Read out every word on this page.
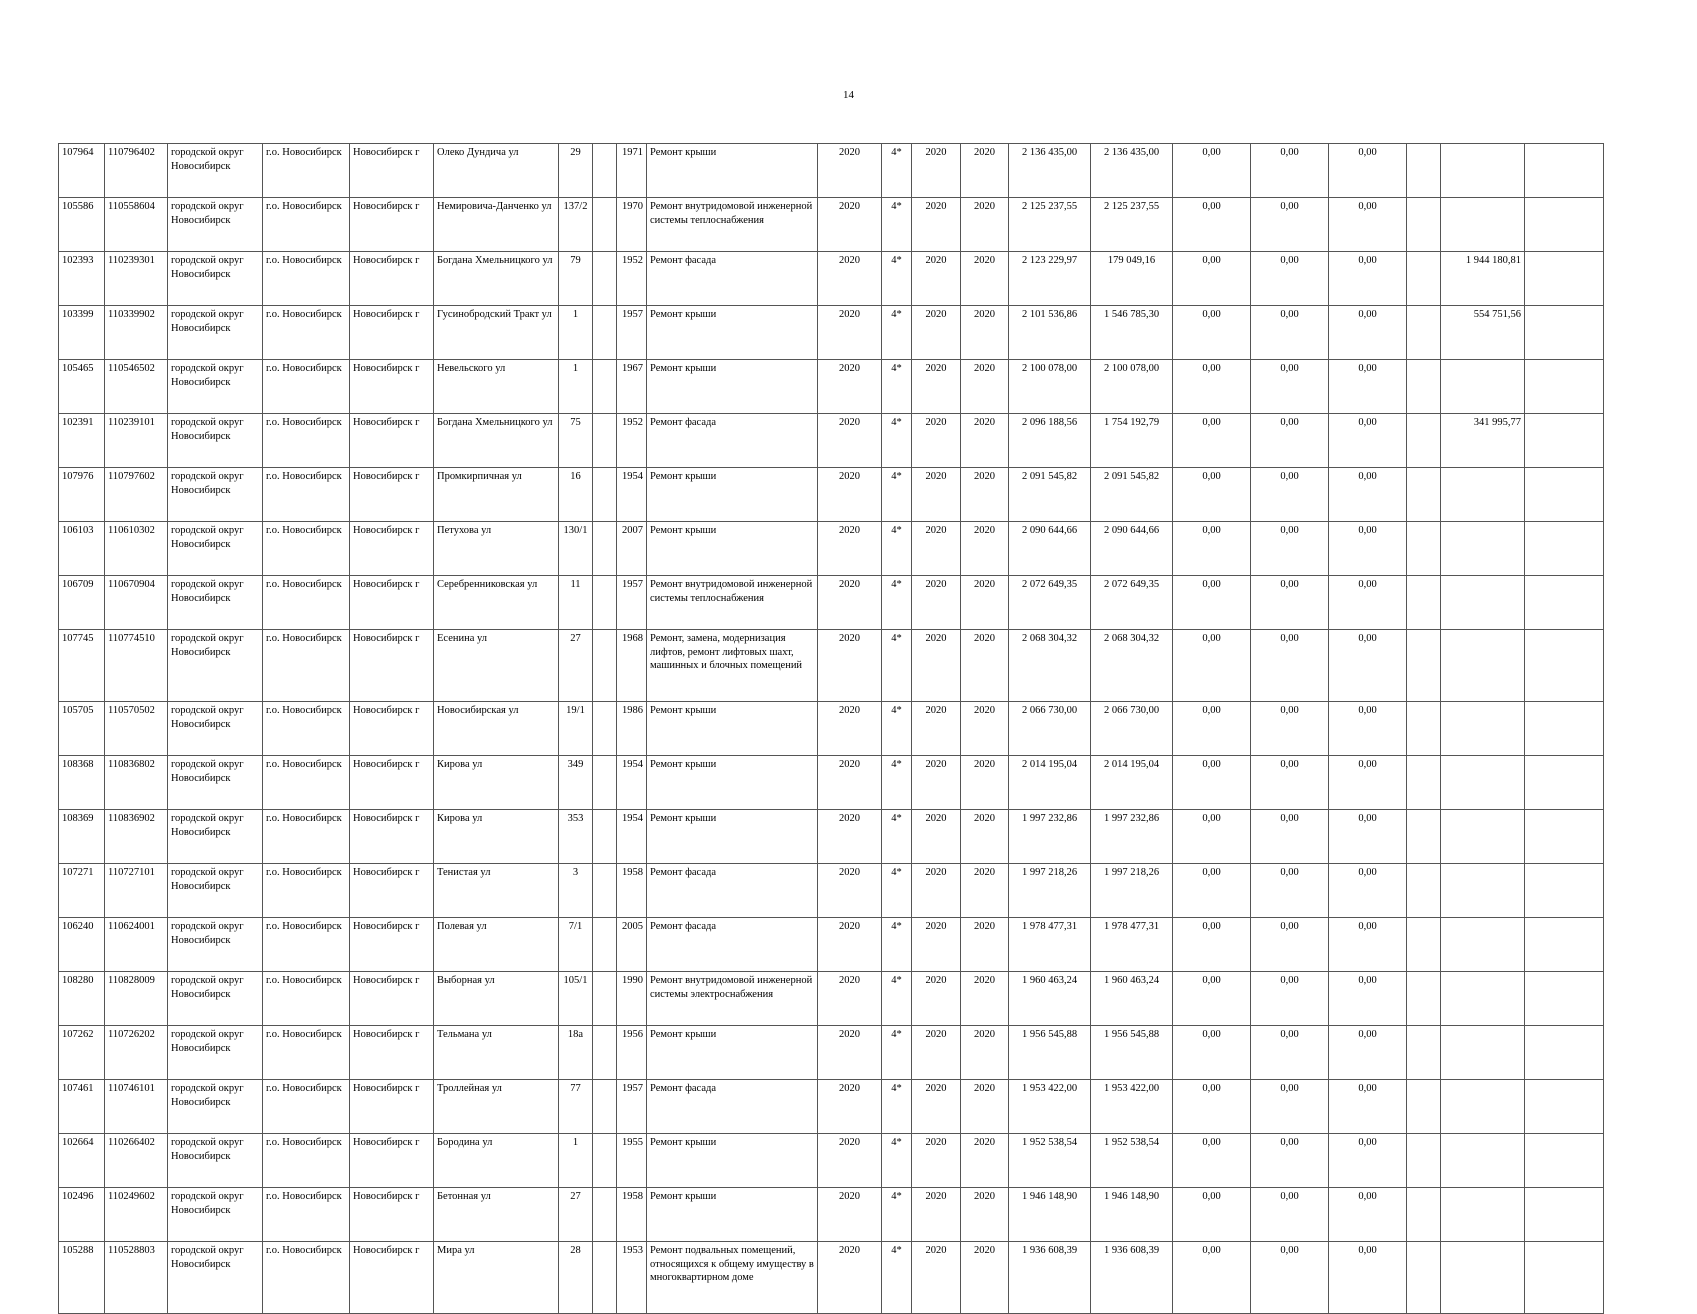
14
107964	110796402	городской округ Новосибирск	г.о. Новосибирск	Новосибирск г	Олеко Дундича ул	29		1971	Ремонт крыши	2020	4*	2020	2020	2 136 435,00	2 136 435,00	0,00	0,00	0,00			
105586	110558604	городской округ Новосибирск	г.о. Новосибирск	Новосибирск г	Немировича-Данченко ул	137/2		1970	Ремонт внутридомовой инженерной системы теплоснабжения	2020	4*	2020	2020	2 125 237,55	2 125 237,55	0,00	0,00	0,00			
102393	110239301	городской округ Новосибирск	г.о. Новосибирск	Новосибирск г	Богдана Хмельницкого ул	79		1952	Ремонт фасада	2020	4*	2020	2020	2 123 229,97	179 049,16	0,00	0,00	0,00		1 944 180,81	
103399	110339902	городской округ Новосибирск	г.о. Новосибирск	Новосибирск г	Гусинобродский Тракт ул	1		1957	Ремонт крыши	2020	4*	2020	2020	2 101 536,86	1 546 785,30	0,00	0,00	0,00		554 751,56	
105465	110546502	городской округ Новосибирск	г.о. Новосибирск	Новосибирск г	Невельского ул	1		1967	Ремонт крыши	2020	4*	2020	2020	2 100 078,00	2 100 078,00	0,00	0,00	0,00			
102391	110239101	городской округ Новосибирск	г.о. Новосибирск	Новосибирск г	Богдана Хмельницкого ул	75		1952	Ремонт фасада	2020	4*	2020	2020	2 096 188,56	1 754 192,79	0,00	0,00	0,00		341 995,77	
107976	110797602	городской округ Новосибирск	г.о. Новосибирск	Новосибирск г	Промкирпичная ул	16		1954	Ремонт крыши	2020	4*	2020	2020	2 091 545,82	2 091 545,82	0,00	0,00	0,00			
106103	110610302	городской округ Новосибирск	г.о. Новосибирск	Новосибирск г	Петухова ул	130/1		2007	Ремонт крыши	2020	4*	2020	2020	2 090 644,66	2 090 644,66	0,00	0,00	0,00			
106709	110670904	городской округ Новосибирск	г.о. Новосибирск	Новосибирск г	Серебренниковская ул	11		1957	Ремонт внутридомовой инженерной системы теплоснабжения	2020	4*	2020	2020	2 072 649,35	2 072 649,35	0,00	0,00	0,00			
107745	110774510	городской округ Новосибирск	г.о. Новосибирск	Новосибирск г	Есенина ул	27		1968	Ремонт, замена, модернизация лифтов, ремонт лифтовых шахт, машинных и блочных помещений	2020	4*	2020	2020	2 068 304,32	2 068 304,32	0,00	0,00	0,00			
105705	110570502	городской округ Новосибирск	г.о. Новосибирск	Новосибирск г	Новосибирская ул	19/1		1986	Ремонт крыши	2020	4*	2020	2020	2 066 730,00	2 066 730,00	0,00	0,00	0,00			
108368	110836802	городской округ Новосибирск	г.о. Новосибирск	Новосибирск г	Кирова ул	349		1954	Ремонт крыши	2020	4*	2020	2020	2 014 195,04	2 014 195,04	0,00	0,00	0,00			
108369	110836902	городской округ Новосибирск	г.о. Новосибирск	Новосибирск г	Кирова ул	353		1954	Ремонт крыши	2020	4*	2020	2020	1 997 232,86	1 997 232,86	0,00	0,00	0,00			
107271	110727101	городской округ Новосибирск	г.о. Новосибирск	Новосибирск г	Тенистая ул	3		1958	Ремонт фасада	2020	4*	2020	2020	1 997 218,26	1 997 218,26	0,00	0,00	0,00			
106240	110624001	городской округ Новосибирск	г.о. Новосибирск	Новосибирск г	Полевая ул	7/1		2005	Ремонт фасада	2020	4*	2020	2020	1 978 477,31	1 978 477,31	0,00	0,00	0,00			
108280	110828009	городской округ Новосибирск	г.о. Новосибирск	Новосибирск г	Выборная ул	105/1		1990	Ремонт внутридомовой инженерной системы электроснабжения	2020	4*	2020	2020	1 960 463,24	1 960 463,24	0,00	0,00	0,00			
107262	110726202	городской округ Новосибирск	г.о. Новосибирск	Новосибирск г	Тельмана ул	18а		1956	Ремонт крыши	2020	4*	2020	2020	1 956 545,88	1 956 545,88	0,00	0,00	0,00			
107461	110746101	городской округ Новосибирск	г.о. Новосибирск	Новосибирск г	Троллейная ул	77		1957	Ремонт фасада	2020	4*	2020	2020	1 953 422,00	1 953 422,00	0,00	0,00	0,00			
102664	110266402	городской округ Новосибирск	г.о. Новосибирск	Новосибирск г	Бородина ул	1		1955	Ремонт крыши	2020	4*	2020	2020	1 952 538,54	1 952 538,54	0,00	0,00	0,00			
102496	110249602	городской округ Новосибирск	г.о. Новосибирск	Новосибирск г	Бетонная ул	27		1958	Ремонт крыши	2020	4*	2020	2020	1 946 148,90	1 946 148,90	0,00	0,00	0,00			
105288	110528803	городской округ Новосибирск	г.о. Новосибирск	Новосибирск г	Мира ул	28		1953	Ремонт подвальных помещений, относящихся к общему имуществу в многоквартирном доме	2020	4*	2020	2020	1 936 608,39	1 936 608,39	0,00	0,00	0,00			
